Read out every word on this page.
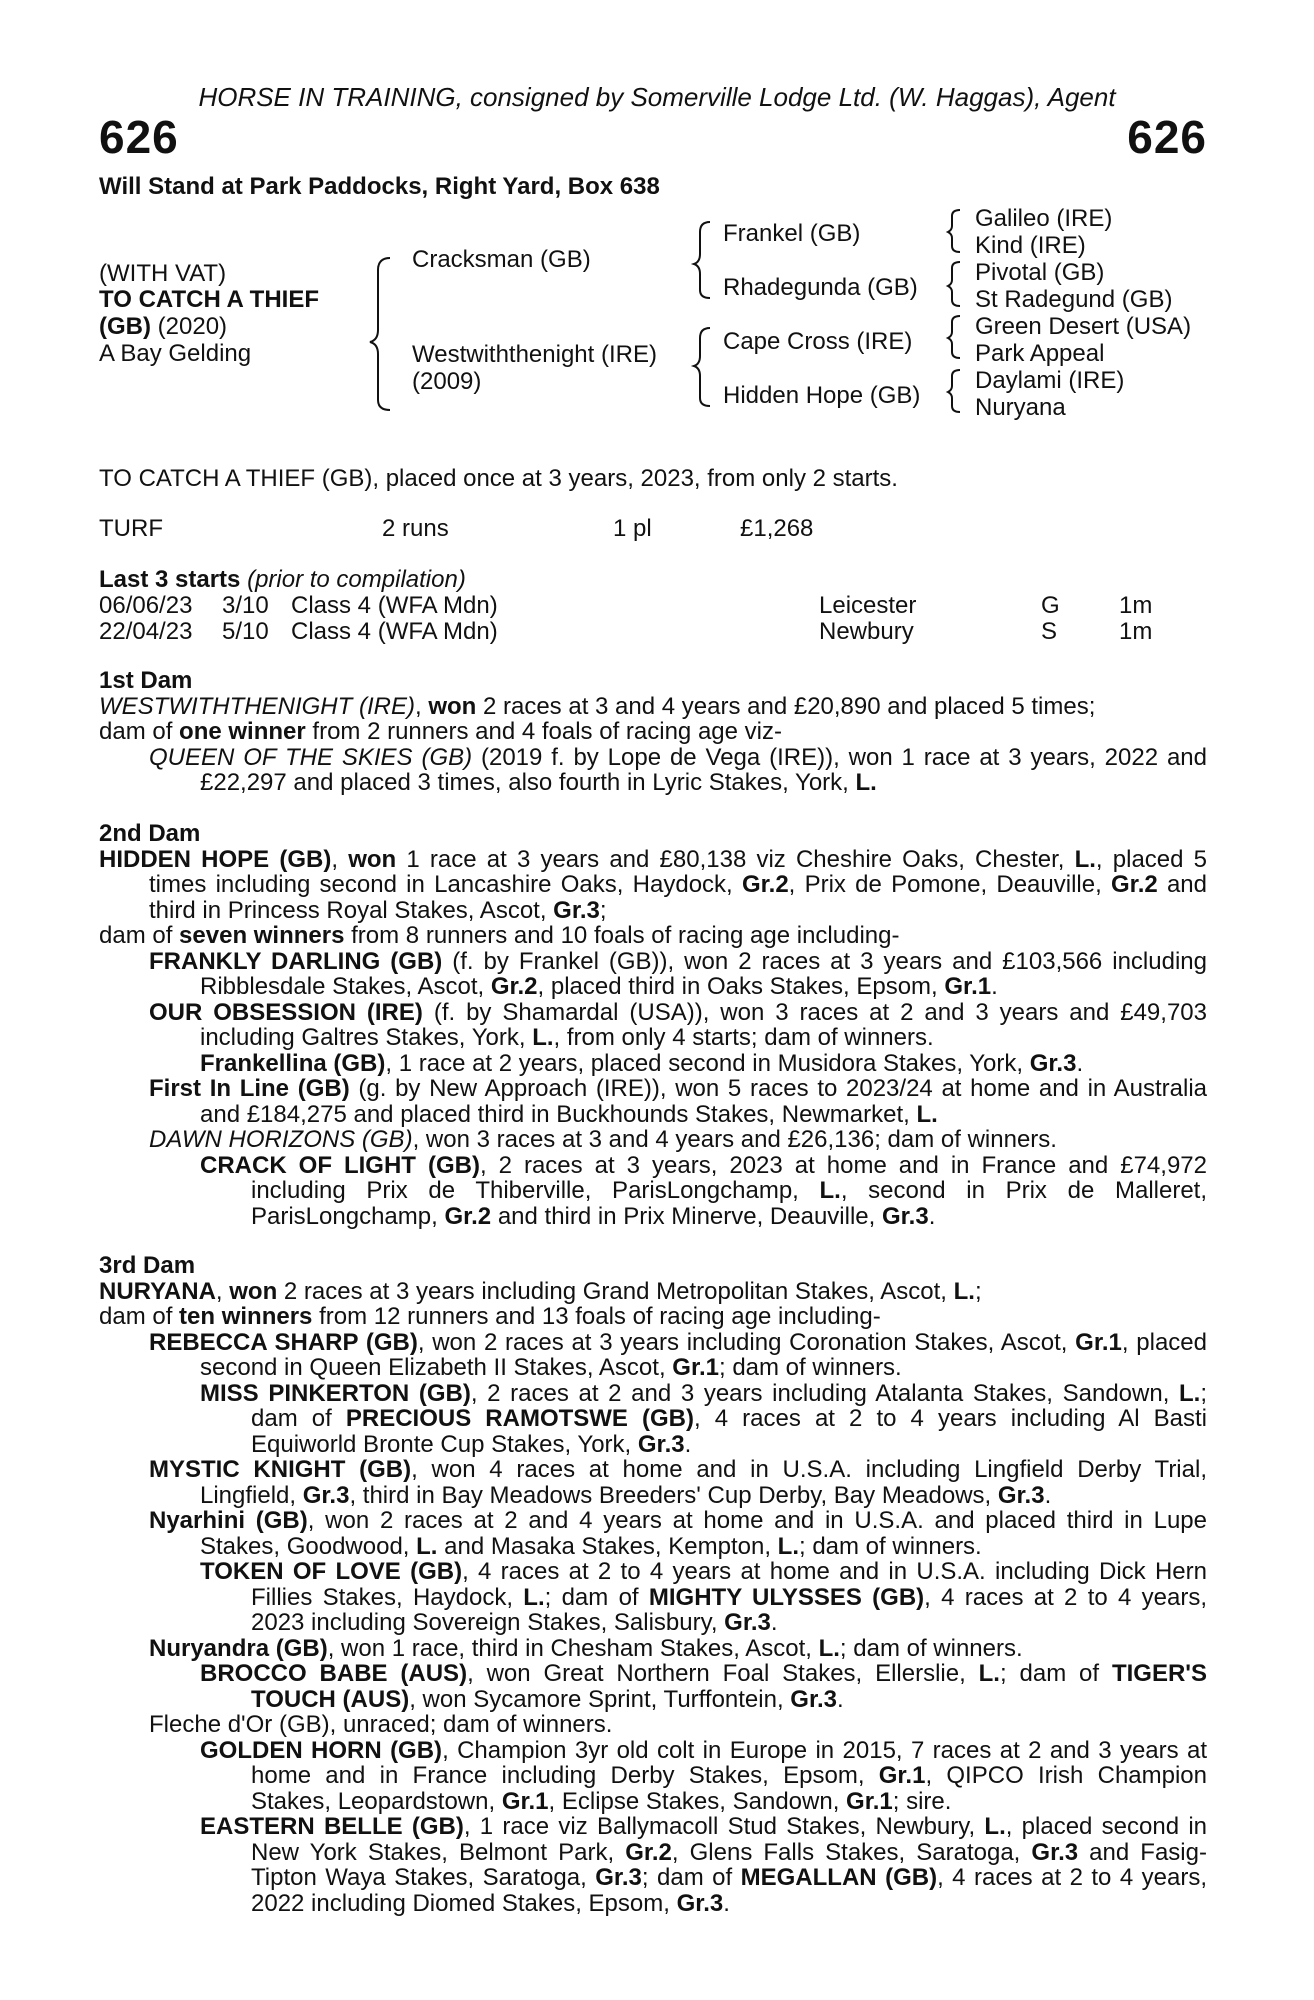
HORSE IN TRAINING, consigned by Somerville Lodge Ltd. (W. Haggas), Agent
626	626
Will Stand at Park Paddocks, Right Yard, Box 638
(WITH VAT)
TO CATCH A THIEF
(GB) (2020)
A Bay Gelding
Cracksman (GB)
Westwiththenight (IRE)
(2009)
Frankel (GB)
Rhadegunda (GB)
Cape Cross (IRE)
Hidden Hope (GB)
Galileo (IRE)
Kind (IRE)
Pivotal (GB)
St Radegund (GB)
Green Desert (USA)
Park Appeal
Daylami (IRE)
Nuryana
TO CATCH A THIEF (GB), placed once at 3 years, 2023, from only 2 starts.
TURF	2 runs	1 pl	£1,268
Last 3 starts (prior to compilation)
06/06/23 3/10 Class 4 (WFA Mdn)	Leicester	G 1m
22/04/23 5/10 Class 4 (WFA Mdn)	Newbury	S	1m

1st Dam

WESTWITHTHENIGHT (IRE), won 2 races at 3 and 4 years and £20,890 and placed 5 times;

dam of one winner from 2 runners and 4 foals of racing age viz-

QUEEN OF THE SKIES (GB) (2019 f. by Lope de Vega (IRE)), won 1 race at 3 years, 2022 and £22,297 and placed 3 times, also fourth in Lyric Stakes, York, L.

2nd Dam

HIDDEN HOPE (GB), won 1 race at 3 years and £80,138 viz Cheshire Oaks, Chester, L., placed 5 times including second in Lancashire Oaks, Haydock, Gr.2, Prix de Pomone, Deauville, Gr.2 and third in Princess Royal Stakes, Ascot, Gr.3;

dam of seven winners from 8 runners and 10 foals of racing age including-

FRANKLY DARLING (GB) (f. by Frankel (GB)), won 2 races at 3 years and £103,566 including Ribblesdale Stakes, Ascot, Gr.2, placed third in Oaks Stakes, Epsom, Gr.1.

OUR OBSESSION (IRE) (f. by Shamardal (USA)), won 3 races at 2 and 3 years and £49,703 including Galtres Stakes, York, L., from only 4 starts; dam of winners.

Frankellina (GB), 1 race at 2 years, placed second in Musidora Stakes, York, Gr.3.

First In Line (GB) (g. by New Approach (IRE)), won 5 races to 2023/24 at home and in Australia and £184,275 and placed third in Buckhounds Stakes, Newmarket, L.

DAWN HORIZONS (GB), won 3 races at 3 and 4 years and £26,136; dam of winners.

CRACK OF LIGHT (GB), 2 races at 3 years, 2023 at home and in France and £74,972 including Prix de Thiberville, ParisLongchamp, L., second in Prix de Malleret, ParisLongchamp, Gr.2 and third in Prix Minerve, Deauville, Gr.3.

3rd Dam

NURYANA, won 2 races at 3 years including Grand Metropolitan Stakes, Ascot, L.;

dam of ten winners from 12 runners and 13 foals of racing age including-

REBECCA SHARP (GB), won 2 races at 3 years including Coronation Stakes, Ascot, Gr.1, placed second in Queen Elizabeth II Stakes, Ascot, Gr.1; dam of winners.

MISS PINKERTON (GB), 2 races at 2 and 3 years including Atalanta Stakes, Sandown, L.; dam of PRECIOUS RAMOTSWE (GB), 4 races at 2 to 4 years including Al Basti Equiworld Bronte Cup Stakes, York, Gr.3.

MYSTIC KNIGHT (GB), won 4 races at home and in U.S.A. including Lingfield Derby Trial, Lingfield, Gr.3, third in Bay Meadows Breeders' Cup Derby, Bay Meadows, Gr.3.

Nyarhini (GB), won 2 races at 2 and 4 years at home and in U.S.A. and placed third in Lupe Stakes, Goodwood, L. and Masaka Stakes, Kempton, L.; dam of winners.

TOKEN OF LOVE (GB), 4 races at 2 to 4 years at home and in U.S.A. including Dick Hern Fillies Stakes, Haydock, L.; dam of MIGHTY ULYSSES (GB), 4 races at 2 to 4 years, 2023 including Sovereign Stakes, Salisbury, Gr.3.

Nuryandra (GB), won 1 race, third in Chesham Stakes, Ascot, L.; dam of winners.

BROCCO BABE (AUS), won Great Northern Foal Stakes, Ellerslie, L.; dam of TIGER'S TOUCH (AUS), won Sycamore Sprint, Turffontein, Gr.3.

Fleche d'Or (GB), unraced; dam of winners.

GOLDEN HORN (GB), Champion 3yr old colt in Europe in 2015, 7 races at 2 and 3 years at home and in France including Derby Stakes, Epsom, Gr.1, QIPCO Irish Champion Stakes, Leopardstown, Gr.1, Eclipse Stakes, Sandown, Gr.1; sire.

EASTERN BELLE (GB), 1 race viz Ballymacoll Stud Stakes, Newbury, L., placed second in New York Stakes, Belmont Park, Gr.2, Glens Falls Stakes, Saratoga, Gr.3 and Fasig-Tipton Waya Stakes, Saratoga, Gr.3; dam of MEGALLAN (GB), 4 races at 2 to 4 years, 2022 including Diomed Stakes, Epsom, Gr.3.
